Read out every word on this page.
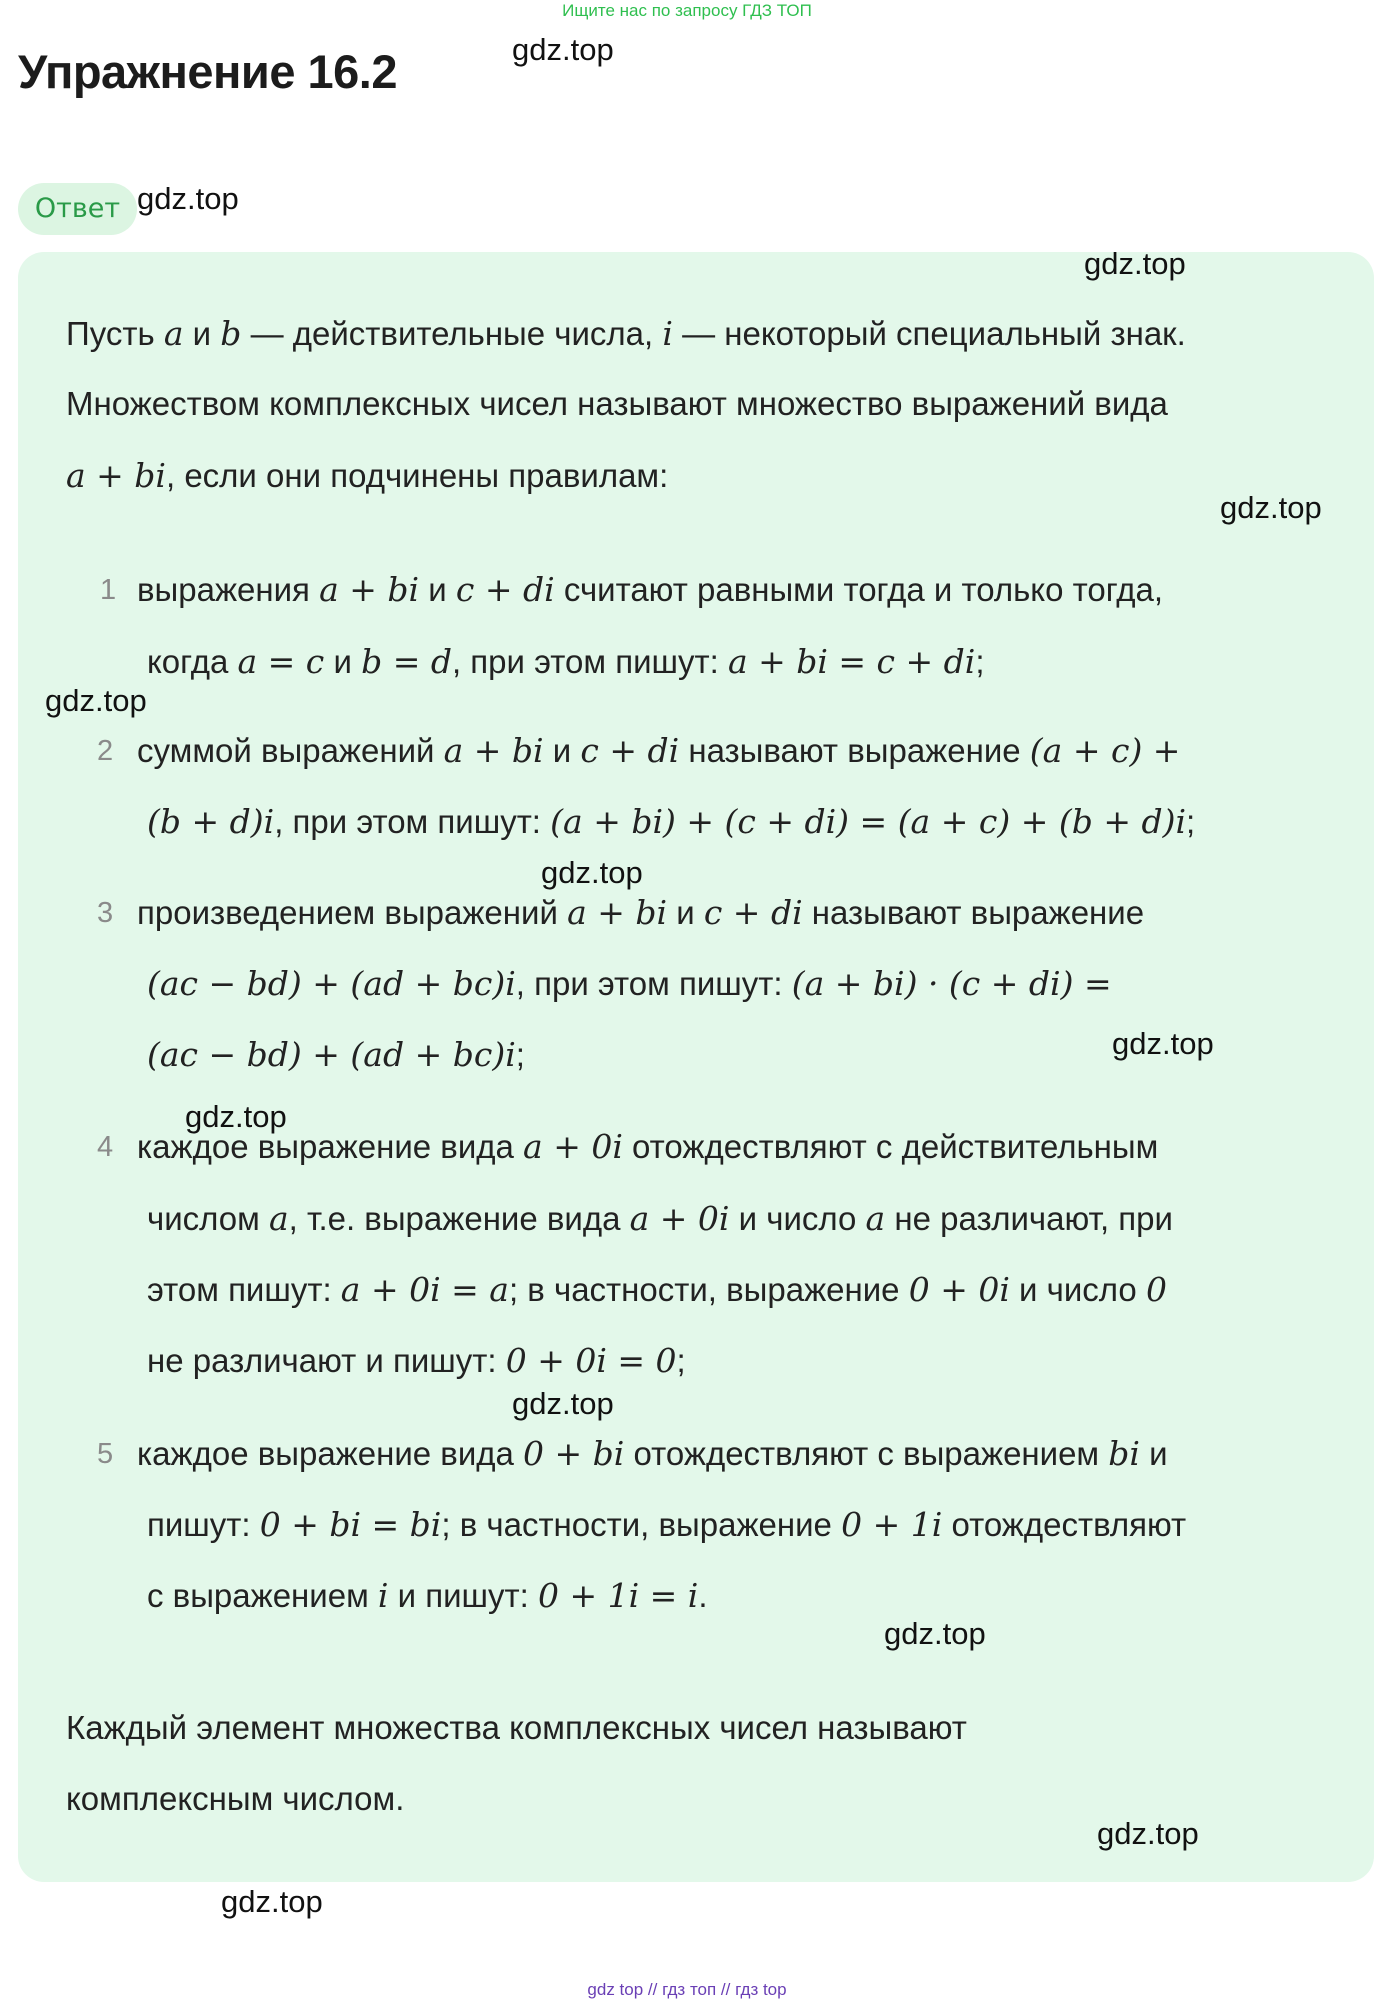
Ищите нас по запросу ГДЗ ТОП
Упражнение 16.2
Ответ
Пусть a и b — действительные числа, i — некоторый специальный знак.
Множеством комплексных чисел называют множество выражений вида
a + bi, если они подчинены правилам:
1 выражения a + bi и c + di считают равными тогда и только тогда,
когда a = c и b = d, при этом пишут: a + bi = c + di;
2 суммой выражений a + bi и c + di называют выражение (a + c) +
(b + d)i, при этом пишут: (a + bi) + (c + di) = (a + c) + (b + d)i;
3 произведением выражений a + bi и c + di называют выражение
(ac − bd) + (ad + bc)i, при этом пишут: (a + bi) · (c + di) =
(ac − bd) + (ad + bc)i;
4 каждое выражение вида a + 0i отождествляют с действительным
числом a, т.е. выражение вида a + 0i и число a не различают, при
этом пишут: a + 0i = a; в частности, выражение 0 + 0i и число 0
не различают и пишут: 0 + 0i = 0;
5 каждое выражение вида 0 + bi отождествляют с выражением bi и
пишут: 0 + bi = bi; в частности, выражение 0 + 1i отождествляют
с выражением i и пишут: 0 + 1i = i.
Каждый элемент множества комплексных чисел называют
комплексным числом.
gdz.top
gdz.top
gdz.top
gdz.top
gdz.top
gdz.top
gdz.top
gdz.top
gdz.top
gdz.top
gdz.top
gdz.top
gdz top // гдз топ // гдз top
